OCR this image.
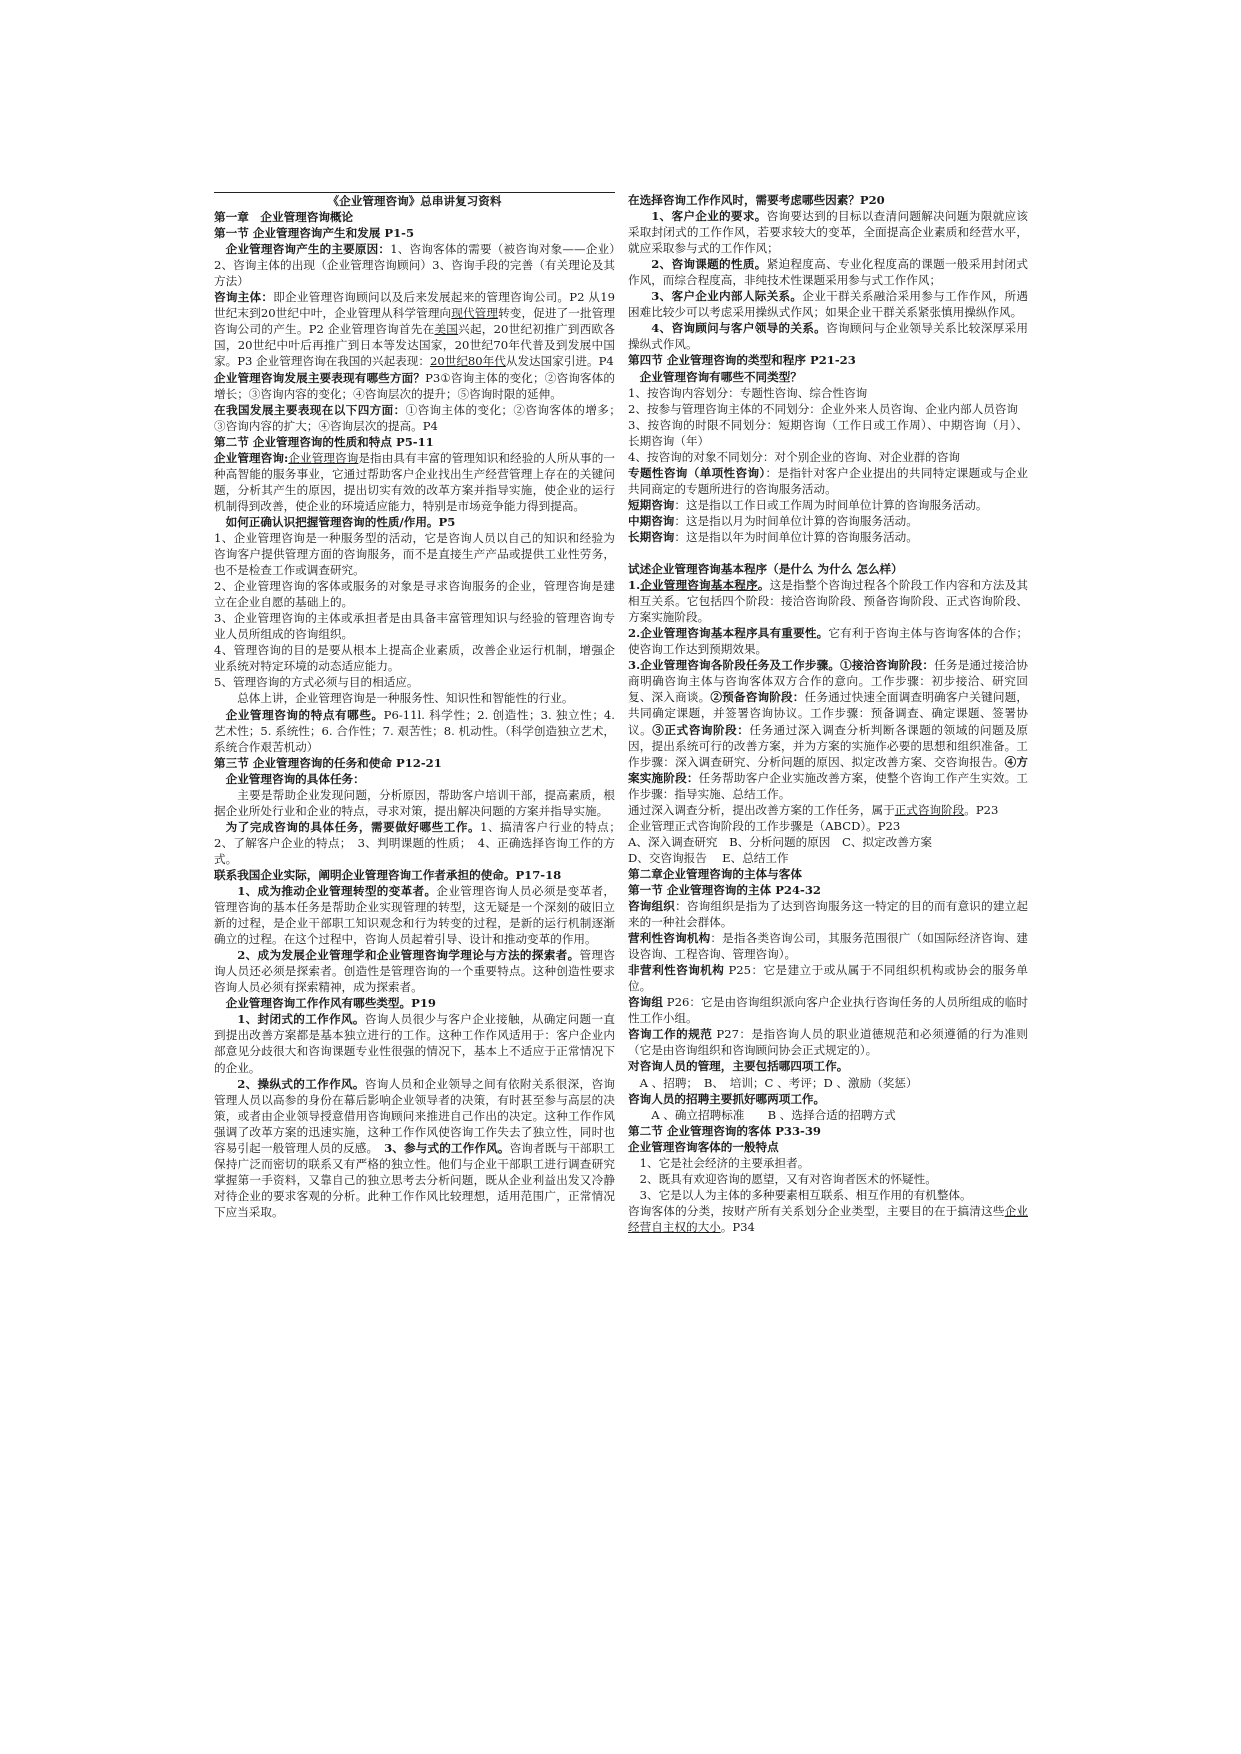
《企业管理咨询》总串讲复习资料

第一章　企业管理咨询概论

第一节 企业管理咨询产生和发展 P1-5

企业管理咨询产生的主要原因：1、咨询客体的需要（被咨询对象——企业）2、咨询主体的出现（企业管理咨询顾问）3、咨询手段的完善（有关理论及其方法）

咨询主体：即企业管理咨询顾问以及后来发展起来的管理咨询公司。P2 从19世纪末到20世纪中叶，企业管理从科学管理向现代管理转变，促进了一批管理咨询公司的产生。P2 企业管理咨询首先在美国兴起，20世纪初推广到西欧各国，20世纪中叶后再推广到日本等发达国家，20世纪70年代普及到发展中国家。P3 企业管理咨询在我国的兴起表现：20世纪80年代从发达国家引进。P4

企业管理咨询发展主要表现有哪些方面？P3①咨询主体的变化；②咨询客体的增长；③咨询内容的变化；④咨询层次的提升；⑤咨询时限的延伸。

在我国发展主要表现在以下四方面：①咨询主体的变化；②咨询客体的增多；　③咨询内容的扩大；④咨询层次的提高。P4

第二节 企业管理咨询的性质和特点 P5-11

企业管理咨询:企业管理咨询是指由具有丰富的管理知识和经验的人所从事的一种高智能的服务事业，它通过帮助客户企业找出生产经营管理上存在的关键问题，分析其产生的原因，提出切实有效的改革方案并指导实施，使企业的运行机制得到改善，使企业的环境适应能力，特别是市场竞争能力得到提高。

如何正确认识把握管理咨询的性质/作用。P5

1、企业管理咨询是一种服务型的活动，它是咨询人员以自己的知识和经验为咨询客户提供管理方面的咨询服务，而不是直接生产产品或提供工业性劳务，也不是检查工作或调查研究。

2、企业管理咨询的客体或服务的对象是寻求咨询服务的企业，管理咨询是建立在企业自愿的基础上的。

3、企业管理咨询的主体或承担者是由具备丰富管理知识与经验的管理咨询专业人员所组成的咨询组织。

4、管理咨询的目的是要从根本上提高企业素质，改善企业运行机制，增强企业系统对特定环境的动态适应能力。

5、管理咨询的方式必须与目的相适应。

总体上讲，企业管理咨询是一种服务性、知识性和智能性的行业。

企业管理咨询的特点有哪些。P6-11l. 科学性；2. 创造性；3. 独立性；4. 艺术性；5. 系统性；6. 合作性；7. 艰苦性；8. 机动性。（科学创造独立艺术，系统合作艰苦机动）

第三节 企业管理咨询的任务和使命 P12-21

企业管理咨询的具体任务：

主要是帮助企业发现问题，分析原因，帮助客户培训干部，提高素质，根据企业所处行业和企业的特点，寻求对策，提出解决问题的方案并指导实施。

为了完成咨询的具体任务，需要做好哪些工作。1、搞清客户行业的特点；　2、了解客户企业的特点；　3、判明课题的性质；　4、正确选择咨询工作的方式。

联系我国企业实际，阐明企业管理咨询工作者承担的使命。P17-18

1、成为推动企业管理转型的变革者。企业管理咨询人员必须是变革者，管理咨询的基本任务是帮助企业实现管理的转型，这无疑是一个深刻的破旧立新的过程，是企业干部职工知识观念和行为转变的过程，是新的运行机制逐渐确立的过程。在这个过程中，咨询人员起着引导、设计和推动变革的作用。

2、成为发展企业管理学和企业管理咨询学理论与方法的探索者。管理咨询人员还必须是探索者。创造性是管理咨询的一个重要特点。这种创造性要求咨询人员必须有探索精神，成为探索者。

企业管理咨询工作作风有哪些类型。P19

1、封闭式的工作作风。咨询人员很少与客户企业接触，从确定问题一直到提出改善方案都是基本独立进行的工作。这种工作作风适用于：客户企业内部意见分歧很大和咨询课题专业性很强的情况下，基本上不适应于正常情况下的企业。

2、操纵式的工作作风。咨询人员和企业领导之间有依附关系很深，咨询管理人员以高参的身份在幕后影响企业领导者的决策，有时甚至参与高层的决策，或者由企业领导授意借用咨询顾问来推进自己作出的决定。这种工作作风强调了改革方案的迅速实施，这种工作作风使咨询工作失去了独立性，同时也容易引起一般管理人员的反感。　 3、参与式的工作作风。咨询者既与干部职工保持广泛而密切的联系又有严格的独立性。他们与企业干部职工进行调查研究掌握第一手资料，又靠自己的独立思考去分析问题，既从企业利益出发又冷静对待企业的要求客观的分析。此种工作作风比较理想，适用范围广，正常情况下应当采取。

在选择咨询工作作风时，需要考虑哪些因素？P20

1、客户企业的要求。咨询要达到的目标以查清问题解决问题为限就应该采取封闭式的工作作风，若要求较大的变革，全面提高企业素质和经营水平，就应采取参与式的工作作风；

2、咨询课题的性质。紧迫程度高、专业化程度高的课题一般采用封闭式作风，而综合程度高，非纯技术性课题采用参与式工作作风；

3、客户企业内部人际关系。企业干群关系融洽采用参与工作作风，所遇困难比较少可以考虑采用操纵式作风；如果企业干群关系紧张慎用操纵作风。

4、咨询顾问与客户领导的关系。咨询顾问与企业领导关系比较深厚采用操纵式作风。

第四节 企业管理咨询的类型和程序 P21-23

企业管理咨询有哪些不同类型？

1、按咨询内容划分：专题性咨询、综合性咨询

2、按参与管理咨询主体的不同划分：企业外来人员咨询、企业内部人员咨询

3、按咨询的时限不同划分：短期咨询（工作日或工作周）、中期咨询（月）、长期咨询（年）

4、按咨询的对象不同划分：对个别企业的咨询、对企业群的咨询

专题性咨询（单项性咨询）：是指针对客户企业提出的共同特定课题或与企业 共同商定的专题所进行的咨询服务活动。

短期咨询：这是指以工作日或工作周为时间单位计算的咨询服务活动。

中期咨询：这是指以月为时间单位计算的咨询服务活动。

长期咨询：这是指以年为时间单位计算的咨询服务活动。

试述企业管理咨询基本程序（是什么 为什么 怎么样）

1.企业管理咨询基本程序。这是指整个咨询过程各个阶段工作内容和方法及其相互关系。它包括四个阶段：接洽咨询阶段、预备咨询阶段、正式咨询阶段、方案实施阶段。

2.企业管理咨询基本程序具有重要性。它有利于咨询主体与咨询客体的合作；使咨询工作达到预期效果。

3.企业管理咨询各阶段任务及工作步骤。①接洽咨询阶段：任务是通过接洽协商明确咨询主体与咨询客体双方合作的意向。工作步骤：初步接洽、研究回复、深入商谈。②预备咨询阶段：任务通过快速全面调查明确客户关键问题，共同确定课题，并签署咨询协议。工作步骤：预备调查、确定课题、签署协议。③正式咨询阶段：任务通过深入调查分析判断各课题的领域的问题及原因，提出系统可行的改善方案，并为方案的实施作必要的思想和组织准备。工作步骤：深入调查研究、分析问题的原因、拟定改善方案、交咨询报告。④方案实施阶段：任务帮助客户企业实施改善方案，使整个咨询工作产生实效。工作步骤：指导实施、总结工作。

通过深入调查分析，提出改善方案的工作任务，属于正式咨询阶段。P23

企业管理正式咨询阶段的工作步骤是（ABCD）。P23

A、深入调查研究　B、分析问题的原因　C、拟定改善方案

D、交咨询报告　 E、总结工作

第二章企业管理咨询的主体与客体

第一节 企业管理咨询的主体 P24-32

咨询组织：咨询组织是指为了达到咨询服务这一特定的目的而有意识的建立起来的一种社会群体。

营利性咨询机构：是指各类咨询公司，其服务范围很广（如国际经济咨询、建设咨询、工程咨询、管理咨询）。

非营利性咨询机构 P25：它是建立于或从属于不同组织机构或协会的服务单位。

咨询组 P26：它是由咨询组织派向客户企业执行咨询任务的人员所组成的临时性工作小组。

咨询工作的规范 P27：是指咨询人员的职业道德规范和必须遵循的行为准则（它是由咨询组织和咨询顾问协会正式规定的）。

对咨询人员的管理，主要包括哪四项工作。

A 、招聘；　B、　培训；C 、考评；D 、激励（奖惩）

咨询人员的招聘主要抓好哪两项工作。

A 、确立招聘标准　　B 、选择合适的招聘方式

第二节 企业管理咨询的客体 P33-39

企业管理咨询客体的一般特点

1、它是社会经济的主要承担者。

2、既具有欢迎咨询的愿望，又有对咨询者医术的怀疑性。

3、它是以人为主体的多种要素相互联系、相互作用的有机整体。

咨询客体的分类，按财产所有关系划分企业类型，主要目的在于搞清这些企业经营自主权的大小。P34
